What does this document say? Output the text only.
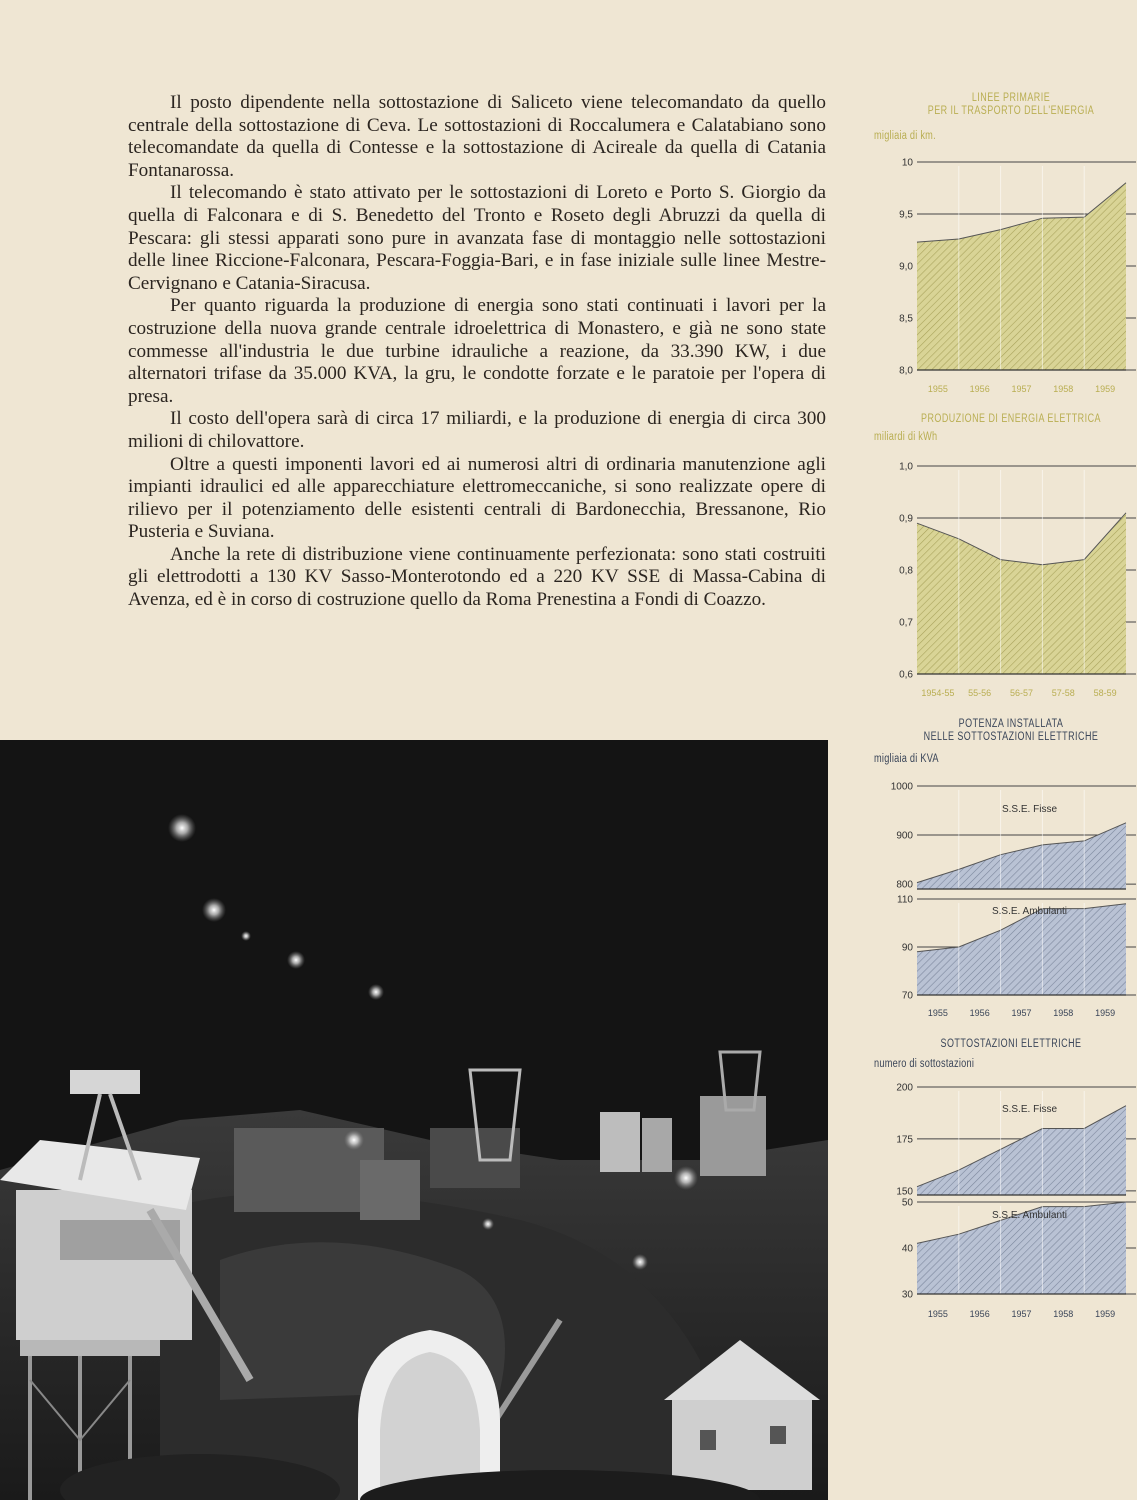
Il posto dipendente nella sottostazione di Saliceto viene telecomandato da quello centrale della sottostazione di Ceva. Le sottostazioni di Roccalumera e Calatabiano sono telecomandate da quella di Contesse e la sottostazione di Acireale da quella di Catania Fontanarossa.

Il telecomando è stato attivato per le sottostazioni di Loreto e Porto S. Giorgio da quella di Falconara e di S. Benedetto del Tronto e Roseto degli Abruzzi da quella di Pescara: gli stessi apparati sono pure in avanzata fase di montaggio nelle sottostazioni delle linee Riccione-Falconara, Pescara-Foggia-Bari, e in fase iniziale sulle linee Mestre-Cervignano e Catania-Siracusa.

Per quanto riguarda la produzione di energia sono stati continuati i lavori per la costruzione della nuova grande centrale idroelettrica di Monastero, e già ne sono state commesse all'industria le due turbine idrauliche a reazione, da 33.390 KW, i due alternatori trifase da 35.000 KVA, la gru, le condotte forzate e le paratoie per l'opera di presa.

Il costo dell'opera sarà di circa 17 miliardi, e la produzione di energia di circa 300 milioni di chilovattore.

Oltre a questi imponenti lavori ed ai numerosi altri di ordinaria manutenzione agli impianti idraulici ed alle apparecchiature elettromeccaniche, si sono realizzate opere di rilievo per il potenziamento delle esistenti centrali di Bardonecchia, Bressanone, Rio Pusteria e Suviana.

Anche la rete di distribuzione viene continuamente perfezionata: sono stati costruiti gli elettrodotti a 130 KV Sasso-Monterotondo ed a 220 KV SSE di Massa-Cabina di Avenza, ed è in corso di costruzione quello da Roma Prenestina a Fondi di Coazzo.

LINEE PRIMARIE
PER IL TRASPORTO DELL'ENERGIA
migliaia di km.
8,0
8,5
9,0
9,5
10
1955 1956 1957 1958 1959
PRODUZIONE DI ENERGIA ELETTRICA
miliardi di kWh
0,6
0,7
0,8
0,9
1,0
1954-55 55-56 56-57 57-58 58-59
POTENZA INSTALLATA
NELLE SOTTOSTAZIONI ELETTRICHE
migliaia di KVA
800
900
1000
S.S.E. Fisse
70
90
110
S.S.E. Ambulanti
1955 1956 1957 1958 1959
SOTTOSTAZIONI ELETTRICHE
numero di sottostazioni
150
175
200
S.S.E. Fisse
30
40
50
S.S.E. Ambulanti
1955 1956 1957 1958 1959
